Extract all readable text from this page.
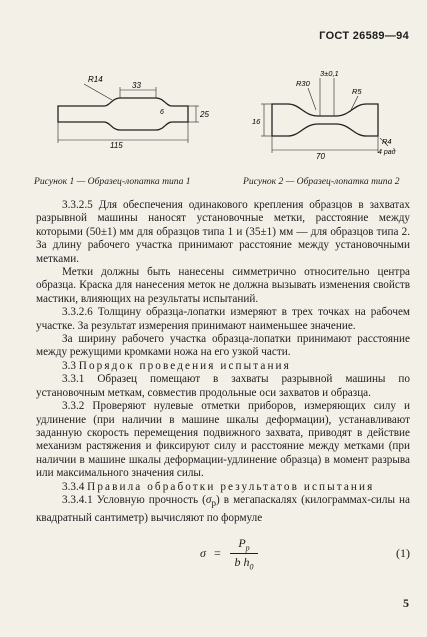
ГОСТ 26589—94
R14
33
25
115
6
3±0,1
R30
R5
16
70
R4
4 рад
Рисунок 1 — Образец-лопатка типа 1	Рисунок 2 — Образец-лопатка типа 2

3.3.2.5 Для обеспечения одинакового крепления образцов в захватах разрывной машины наносят установочные метки, расстояние между которыми (50±1) мм для образцов типа 1 и (35±1) мм — для образцов типа 2. За длину рабочего участка принимают расстояние между установочными метками.

Метки должны быть нанесены симметрично относительно центра образца. Краска для нанесения меток не должна вызывать изменения свойств мастики, влияющих на результаты испытаний.

3.3.2.6 Толщину образца-лопатки измеряют в трех точках на рабочем участке. За результат измерения принимают наименьшее значение.

За ширину рабочего участка образца-лопатки принимают расстояние между режущими кромками ножа на его узкой части.

3.3 Порядок проведения испытания

3.3.1 Образец помещают в захваты разрывной машины по установочным меткам, совместив продольные оси захватов и образца.

3.3.2 Проверяют нулевые отметки приборов, измеряющих силу и удлинение (при наличии в машине шкалы деформации), устанавливают заданную скорость перемещения подвижного захвата, приводят в действие механизм растяжения и фиксируют силу и расстояние между метками (при наличии в машине шкалы деформации-удлинение образца) в момент разрыва или максимального значения силы.

3.3.4 Правила обработки результатов испытания

3.3.4.1 Условную прочность $(\sigma_р)$ в мегапаскалях (килограммах-силы на квадратный сантиметр) вычисляют по формуле

$\sigma = \frac{P_p}{b h_0}$	(1)
5
